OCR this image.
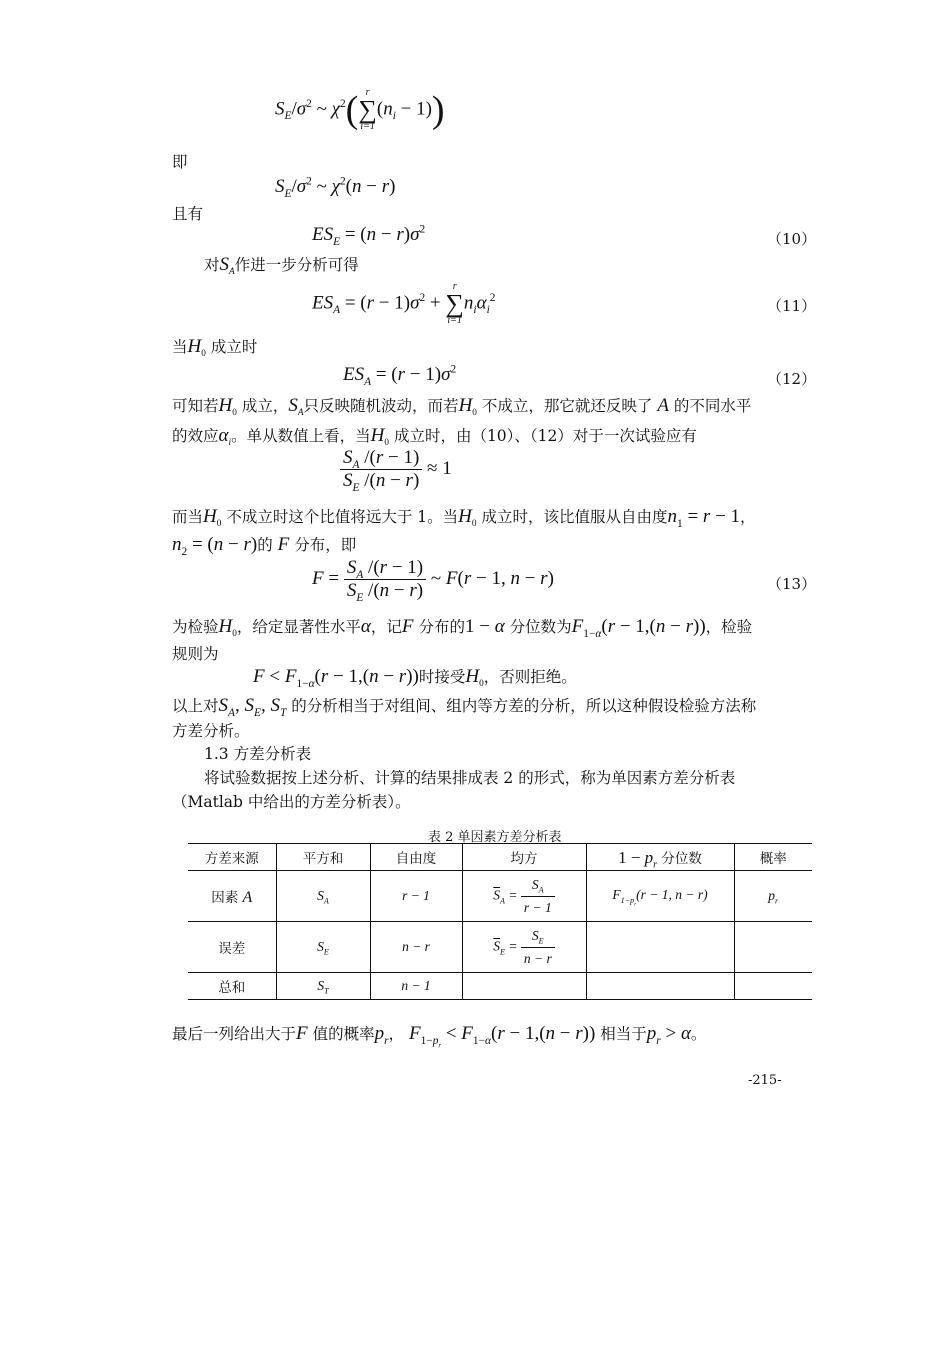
$S_E/\sigma^2$ ~ $\chi^2$( r
∑
i=1
$(n_i - 1)$)
即
$S_E/\sigma^2$ ~ $\chi^2(n - r)$
且有
$ES_E = (n - r)\sigma^2$
（10）
对$S_A$作进一步分析可得
$ES_A = (r - 1)\sigma^2$ +
r
∑
i=1
$n_i\alpha_i^2$	（11）
当$H_0$ 成立时
$ES_A = (r - 1)\sigma^2$
（12）
可知若$H_0$ 成立，$S_A$只反映随机波动，而若$H_0$ 不成立，那它就还反映了 A 的不同水平
的效应$\alpha_i$。单从数值上看，当$H_0$ 成立时，由（10）、（12）对于一次试验应有
$\frac{S_A /(r - 1)}{S_E /(n - r)} \approx 1$
而当$H_0$ 不成立时这个比值将远大于 1。当$H_0$ 成立时，该比值服从自由度$n_1 = r - 1$，
$n_2 = (n - r)$的 F 分布，即
$F = \frac{S_A /(r - 1)}{S_E /(n - r)}$ ~ F(r − 1, n − r)	（13）
为检验$H_0$，给定显著性水平α，记F 分布的1 − α 分位数为$F_{1-\alpha}(r - 1,(n - r))$，检验
规则为
$F < F_{1-\alpha}(r - 1,(n - r))$时接受$H_0$，否则拒绝。
以上对$S_A$, $S_E$, $S_T$ 的分析相当于对组间、组内等方差的分析，所以这种假设检验方法称
方差分析。
1.3 方差分析表
将试验数据按上述分析、计算的结果排成表 2 的形式，称为单因素方差分析表
（Matlab 中给出的方差分析表）。
表 2 单因素方差分析表
方差来源	平方和	自由度	均方	$1 - p_r$ 分位数	概率
因素 A	$S_A$	r − 1	$\overline{S}_A = \frac{S_A}{r - 1}$	$F_{1-p_r}(r - 1$, n − r)	$p_r$
误差	$S_E$	n − r	$\overline{S}_E = \frac{S_E}{n - r}$

总和	$S_T$	n − 1			
最后一列给出大于F 值的概率$p_r$， $F_{1-p_r} < F_{1-\alpha}(r - 1,(n - r))$ 相当于$p_r > \alpha$。
-215-
